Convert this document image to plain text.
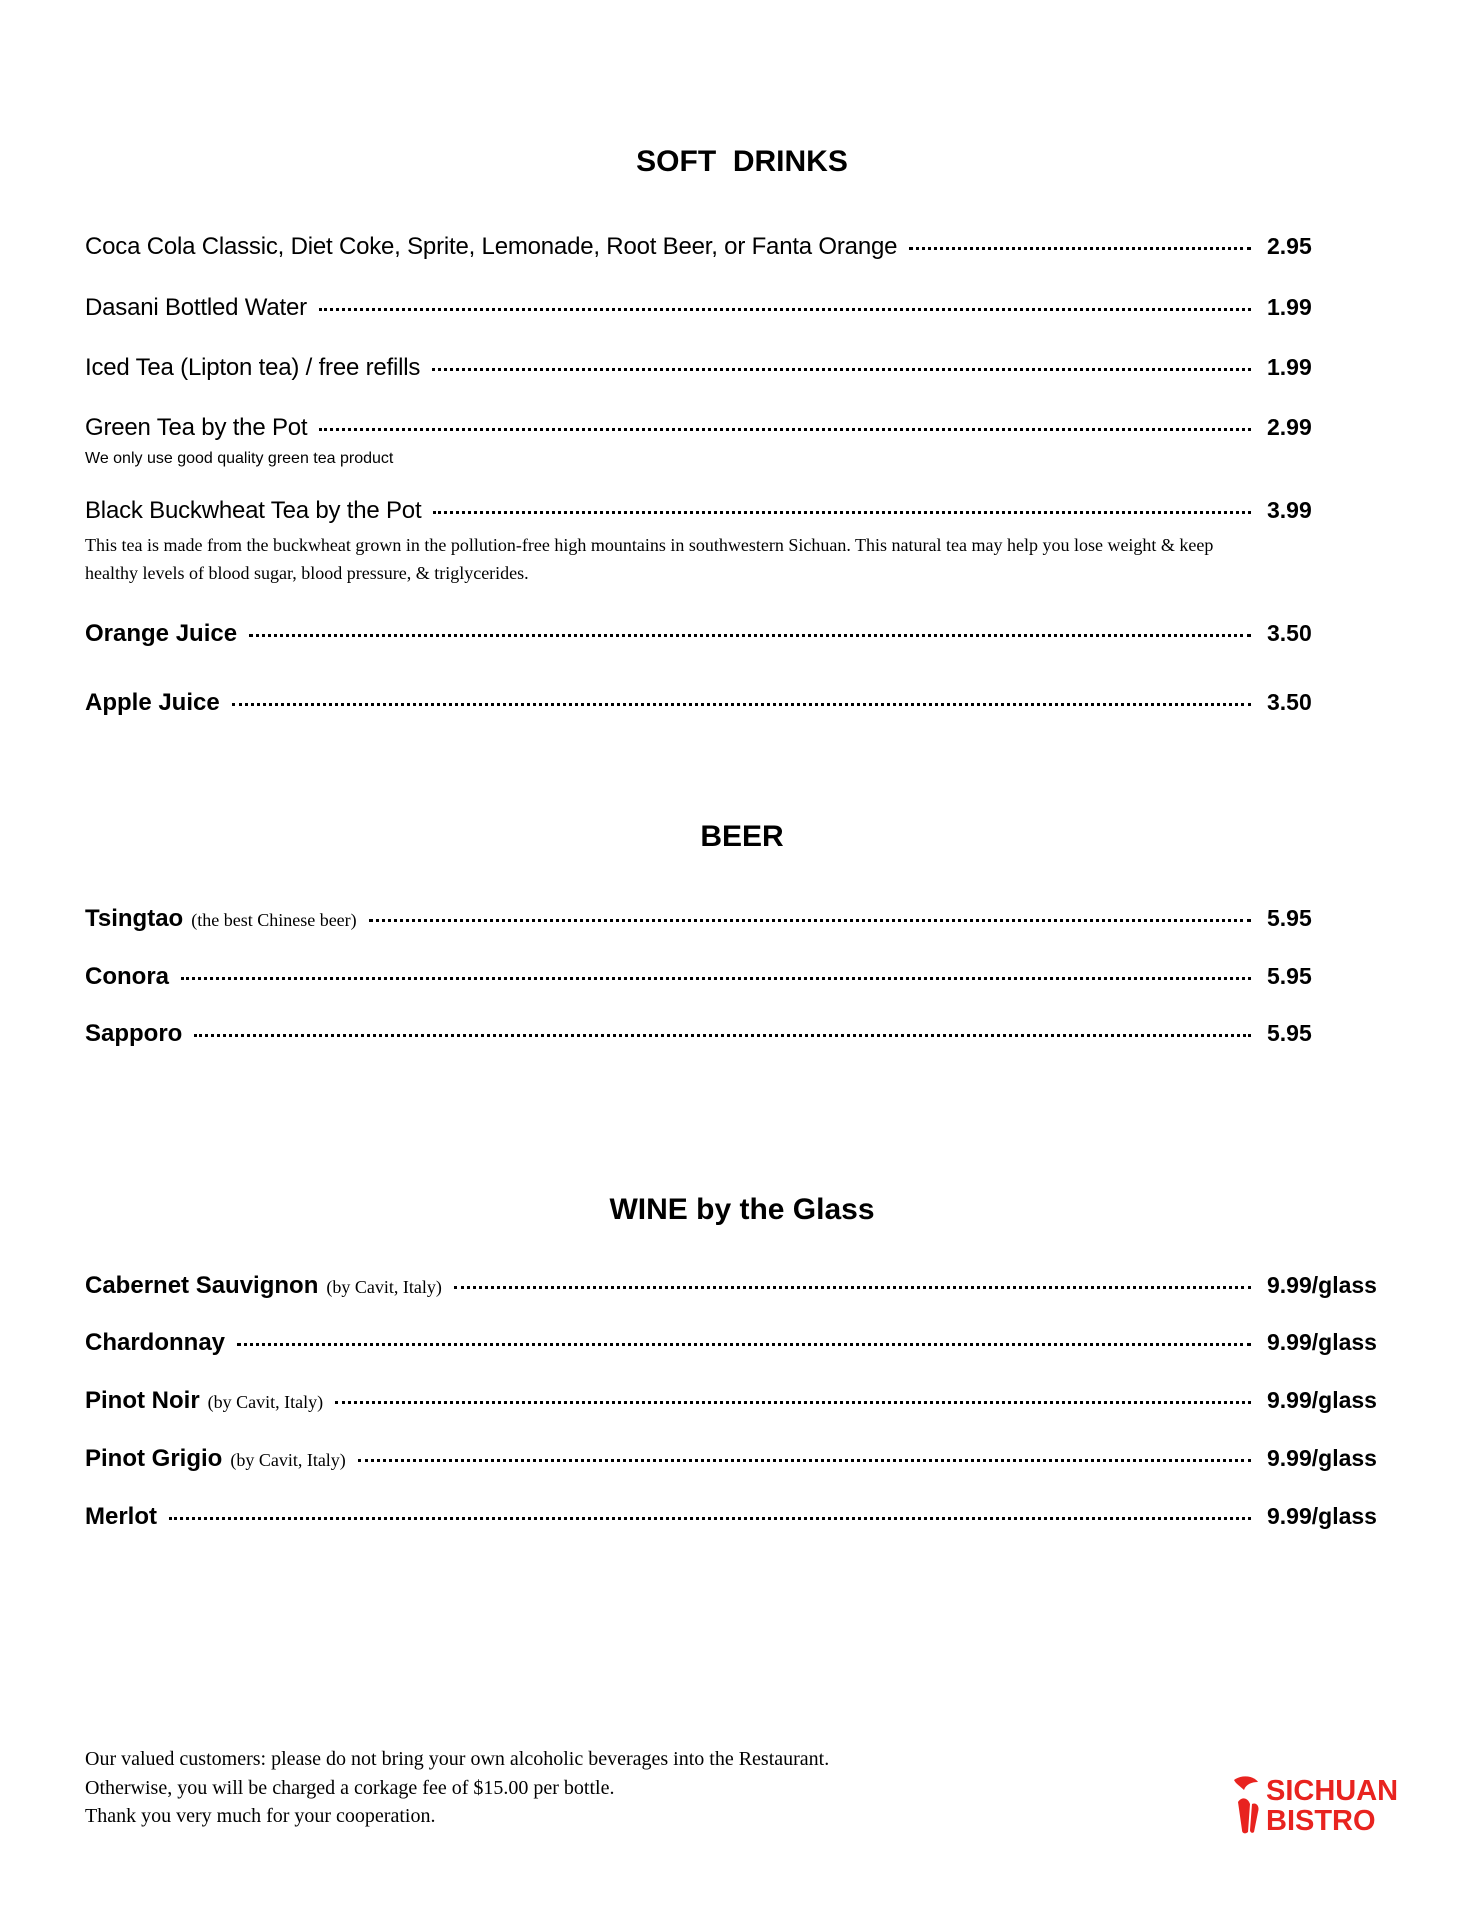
SOFT  DRINKS
Coca Cola Classic, Diet Coke, Sprite, Lemonade, Root Beer, or Fanta Orange	2.95
Dasani Bottled Water	1.99
Iced Tea (Lipton tea) / free refills	1.99
Green Tea by the Pot	2.99
We only use good quality green tea product
Black Buckwheat Tea by the Pot	3.99
This tea is made from the buckwheat grown in the pollution-free high mountains in southwestern Sichuan. This natural tea may help you lose weight & keep healthy levels of blood sugar, blood pressure, & triglycerides.
Orange Juice	3.50
Apple Juice	3.50
BEER
Tsingtao (the best Chinese beer)	5.95
Conora	5.95
Sapporo	5.95
WINE by the Glass
Cabernet Sauvignon (by Cavit, Italy)	9.99/glass
Chardonnay	9.99/glass
Pinot Noir (by Cavit, Italy)	9.99/glass
Pinot Grigio (by Cavit, Italy)	9.99/glass
Merlot	9.99/glass
Our valued customers: please do not bring your own alcoholic beverages into the Restaurant.
Otherwise, you will be charged a corkage fee of $15.00 per bottle.
Thank you very much for your cooperation.
SICHUAN
BISTRO
